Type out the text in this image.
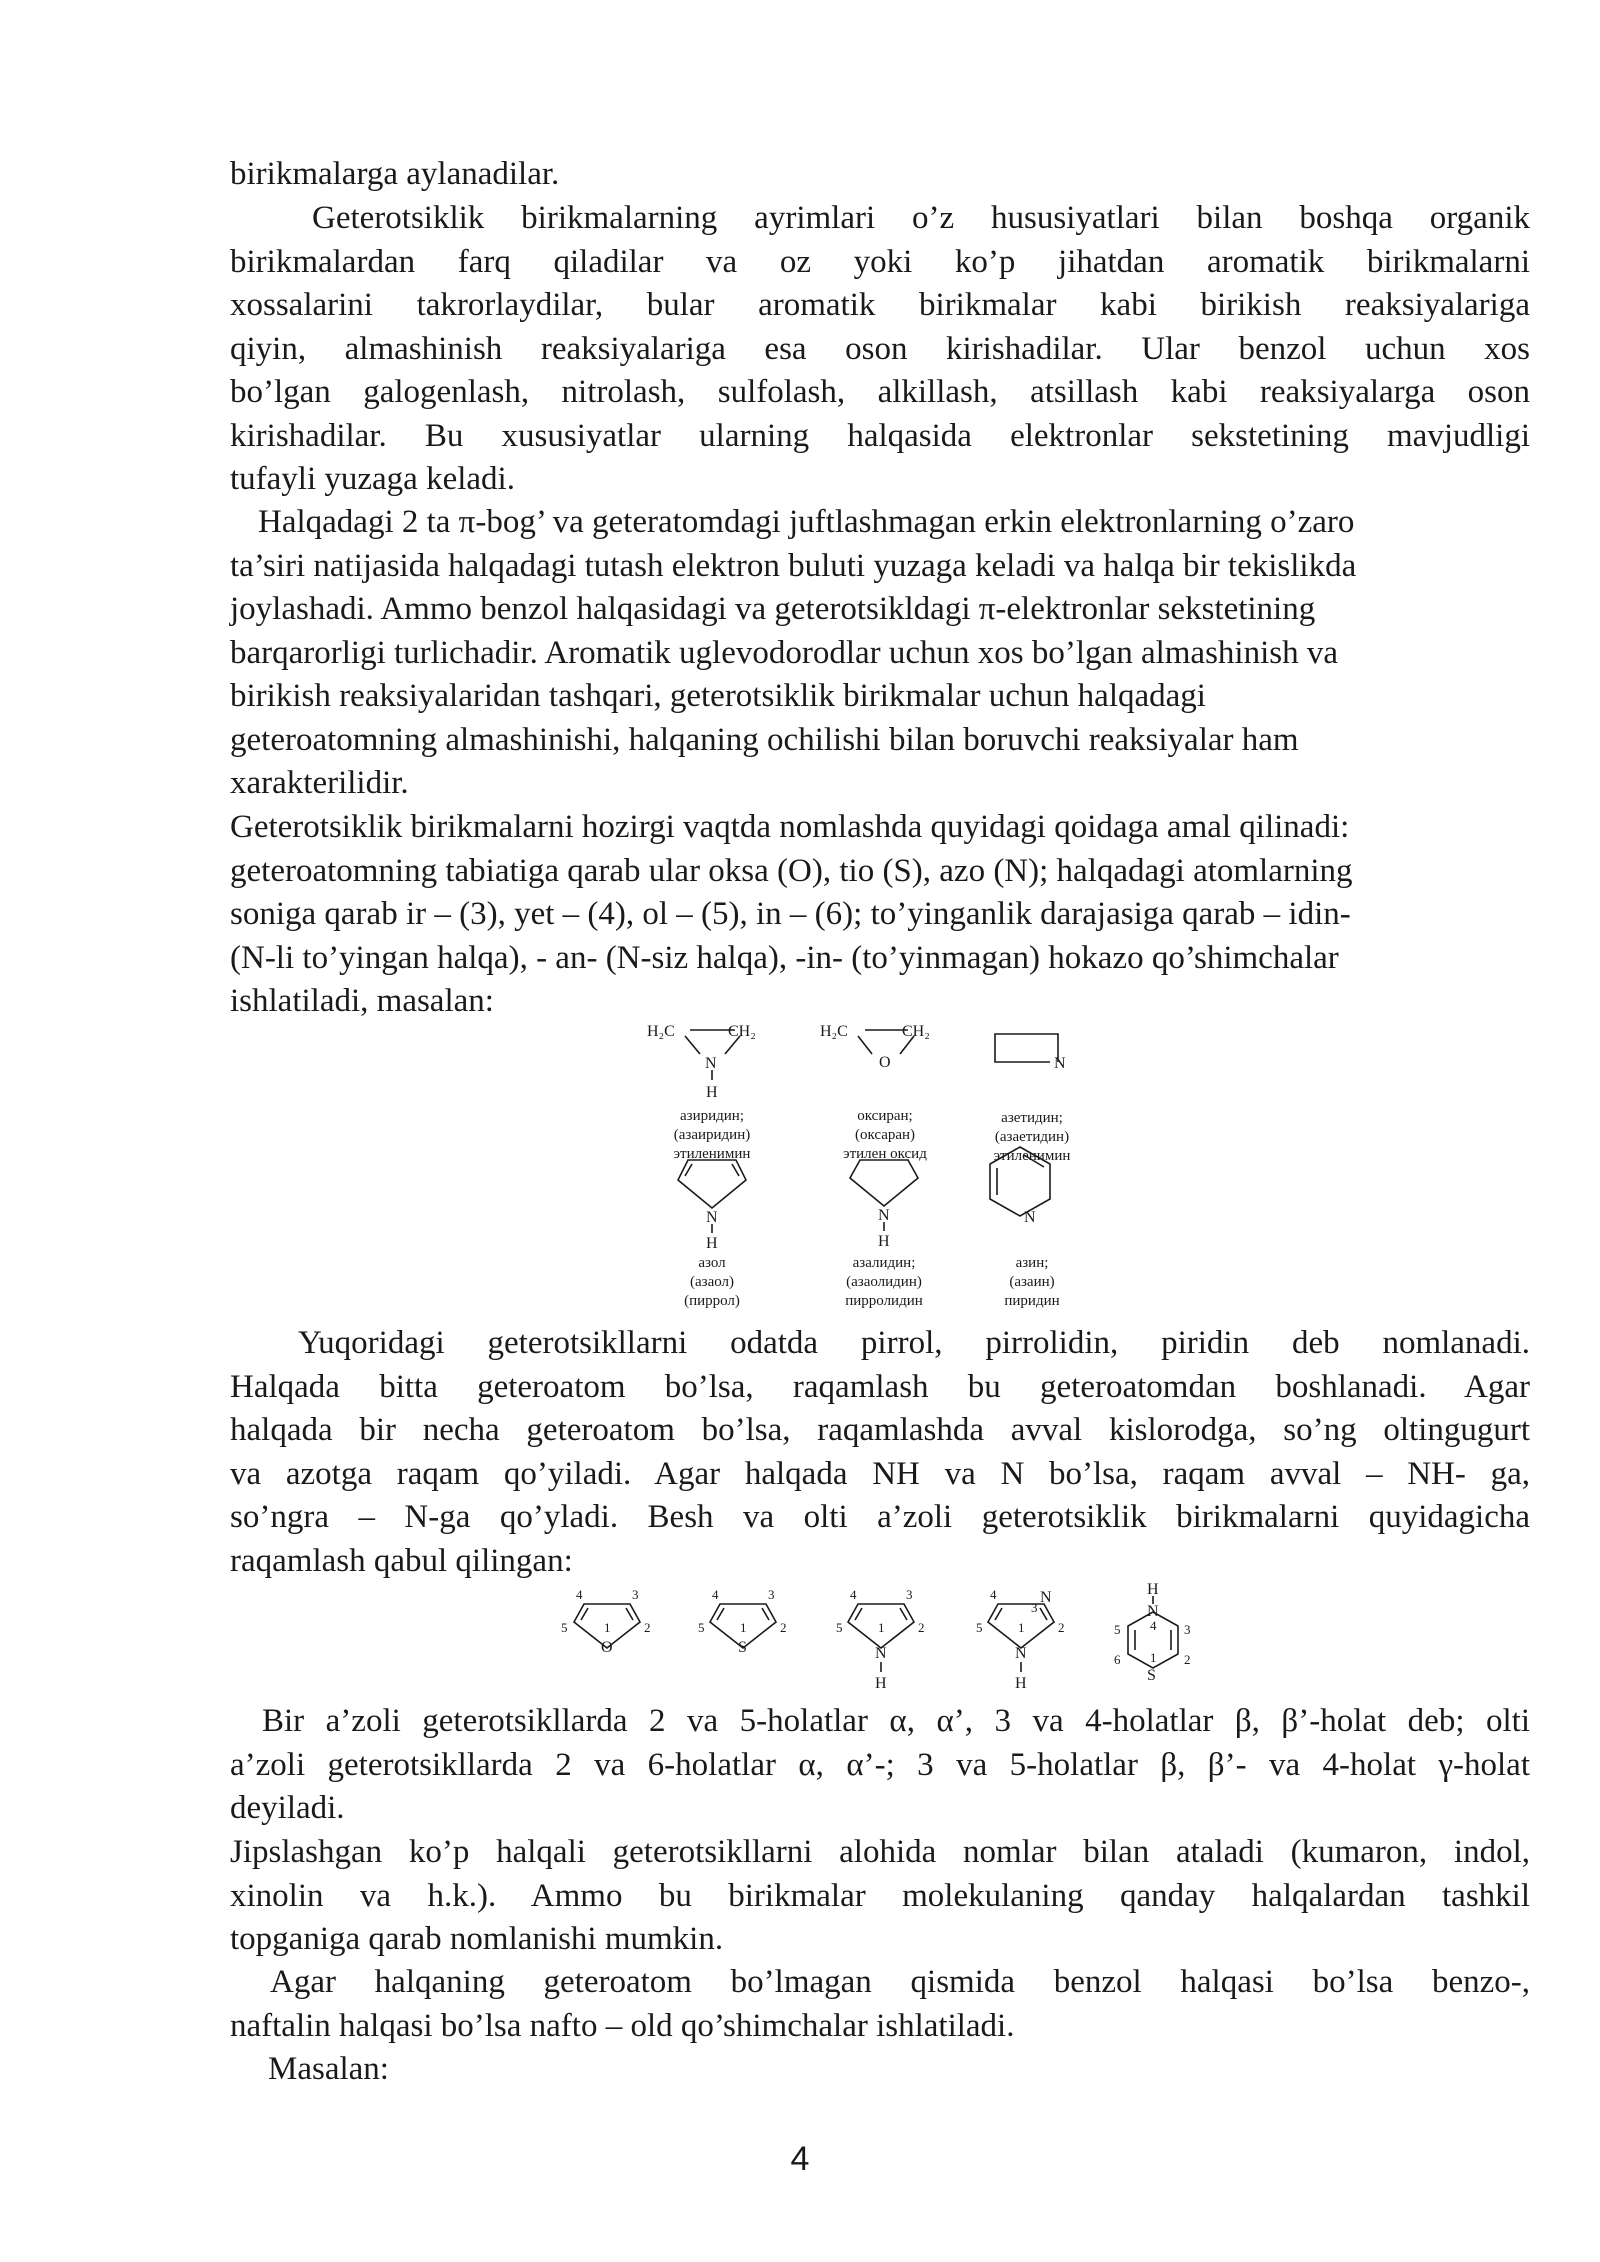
birikmalarga aylanadilar.

Geterotsiklik birikmalarning ayrimlari o’z hususiyatlari bilan boshqa organik
birikmalardan farq qiladilar va oz yoki ko’p jihatdan aromatik birikmalarni
xossalarini takrorlaydilar, bular aromatik birikmalar kabi birikish reaksiyalariga
qiyin, almashinish reaksiyalariga esa oson kirishadilar. Ular benzol uchun xos
bo’lgan galogenlash, nitrolash, sulfolash, alkillash, atsillash kabi reaksiyalarga oson
kirishadilar. Bu xususiyatlar ularning halqasida elektronlar sekstetining mavjudligi
tufayli yuzaga keladi.

Halqadagi 2 ta π-bog’ va geteratomdagi juftlashmagan erkin elektronlarning o’zaro
ta’siri natijasida halqadagi tutash elektron buluti yuzaga keladi va halqa bir tekislikda
joylashadi. Ammo benzol halqasidagi va geterotsikldagi π-elektronlar sekstetining
barqarorligi turlichadir. Aromatik uglevodorodlar uchun xos bo’lgan almashinish va
birikish reaksiyalaridan tashqari, geterotsiklik birikmalar uchun halqadagi
geteroatomning almashinishi, halqaning ochilishi bilan boruvchi reaksiyalar ham
xarakterilidir.

Geterotsiklik birikmalarni hozirgi vaqtda nomlashda quyidagi qoidaga amal qilinadi:
geteroatomning tabiatiga qarab ular oksa (O), tio (S), azo (N); halqadagi atomlarning
soniga qarab ir – (3), yet – (4), ol – (5), in – (6); to’yinganlik darajasiga qarab – idin-
(N-li to’yingan halqa), - an- (N-siz halqa), -in- (to’yinmagan) hokazo qo’shimchalar
ishlatiladi, masalan:

H₂C	CH₂
N
H
H₂C	CH₂
O	N
N
H
N
H
N
азиридин;
(азаиридин)
этиленимин
оксиран;
(оксаран)
этилен оксид
азетидин;
(азаетидин)
этиленимин
азол
(азаол)
(пиррол)
азалидин;
(азаолидин)
пирролидин
азин;
(азаин)
пиридин

Yuqoridagi geterotsikllarni odatda pirrol, pirrolidin, piridin deb nomlanadi.
Halqada bitta geteroatom bo’lsa, raqamlash bu geteroatomdan boshlanadi. Agar
halqada bir necha geteroatom bo’lsa, raqamlashda avval kislorodga, so’ng oltingugurt
va azotga raqam qo’yiladi. Agar halqada NH va N bo’lsa, raqam avval – NH- ga,
so’ngra – N-ga qo’yladi. Besh va olti a’zoli geterotsiklik birikmalarni quyidagicha
raqamlash qabul qilingan:

O
1	2
3
4
5
S
1	2
3
4
5
N
H
1	2
3
4
5
N
H
N
1	2
3
4
5
H
N
S
4
1 2
3
5
6

Bir a’zoli geterotsikllarda 2 va 5-holatlar α, α’, 3 va 4-holatlar β, β’-holat deb; olti
a’zoli geterotsikllarda 2 va 6-holatlar α, α’-; 3 va 5-holatlar β, β’- va 4-holat γ-holat
deyiladi.

Jipslashgan ko’p halqali geterotsikllarni alohida nomlar bilan ataladi (kumaron, indol,
xinolin va h.k.). Ammo bu birikmalar molekulaning qanday halqalardan tashkil
topganiga qarab nomlanishi mumkin.

Agar halqaning geteroatom bo’lmagan qismida benzol halqasi bo’lsa benzo-,
naftalin halqasi bo’lsa nafto – old qo’shimchalar ishlatiladi.

Masalan:

4
